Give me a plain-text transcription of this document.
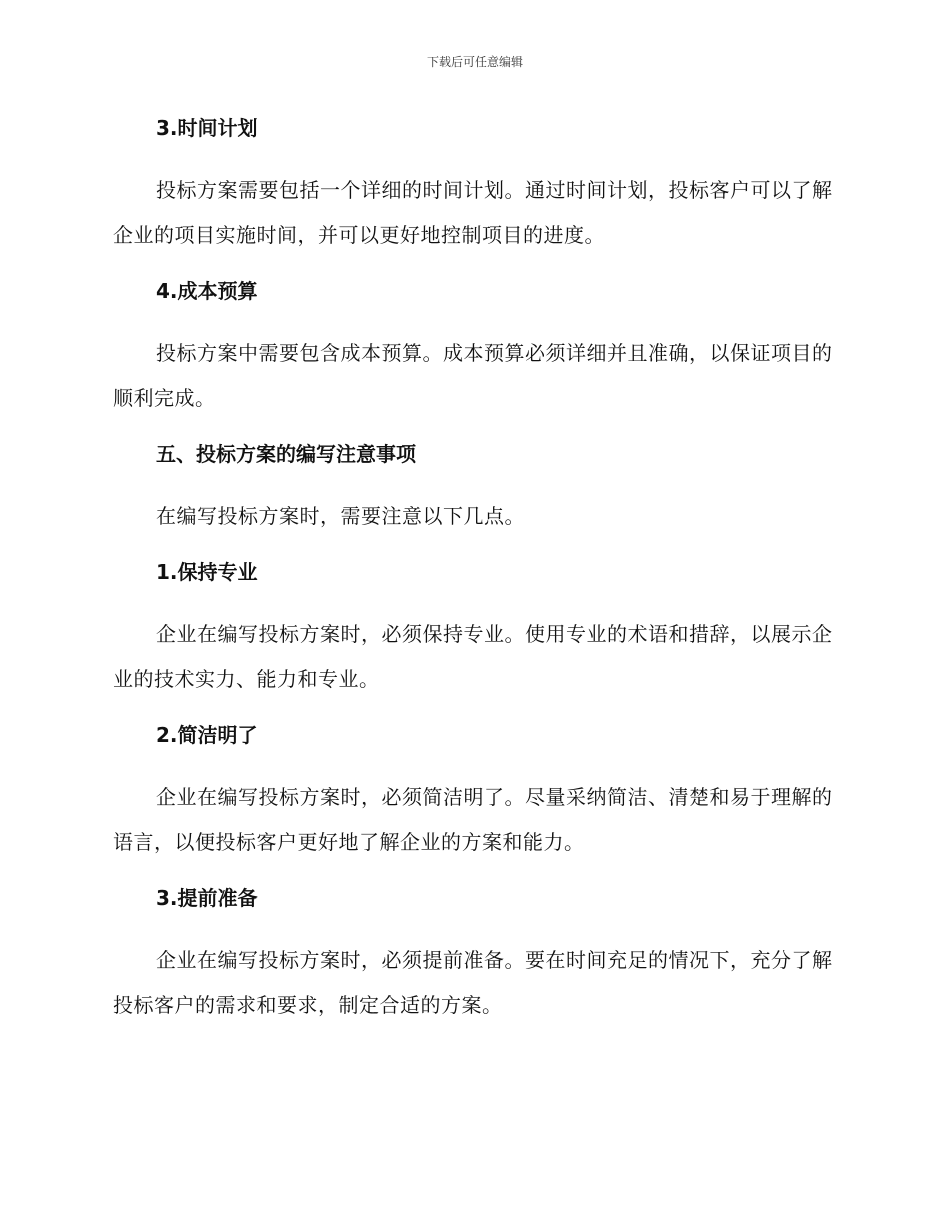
下载后可任意编辑
3.时间计划

投标方案需要包括一个详细的时间计划。通过时间计划，投标客户可以了解企业的项目实施时间，并可以更好地控制项目的进度。

4.成本预算

投标方案中需要包含成本预算。成本预算必须详细并且准确，以保证项目的顺利完成。

五、投标方案的编写注意事项

在编写投标方案时，需要注意以下几点。

1.保持专业

企业在编写投标方案时，必须保持专业。使用专业的术语和措辞，以展示企业的技术实力、能力和专业。

2.简洁明了

企业在编写投标方案时，必须简洁明了。尽量采纳简洁、清楚和易于理解的语言，以便投标客户更好地了解企业的方案和能力。

3.提前准备

企业在编写投标方案时，必须提前准备。要在时间充足的情况下，充分了解投标客户的需求和要求，制定合适的方案。
